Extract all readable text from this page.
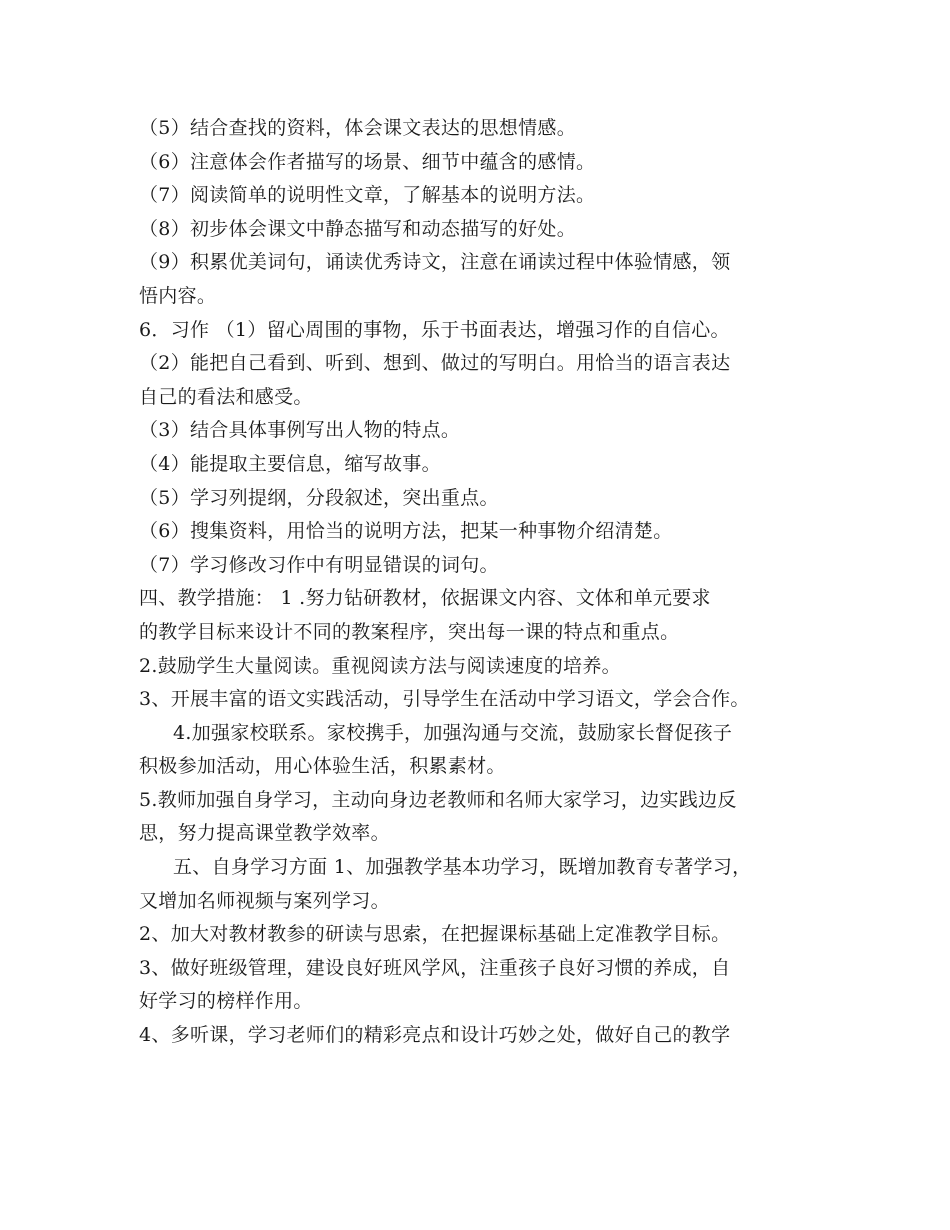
（5）结合查找的资料，体会课文表达的思想情感。
（6）注意体会作者描写的场景、细节中蕴含的感情。
（7）阅读简单的说明性文章，了解基本的说明方法。
（8）初步体会课文中静态描写和动态描写的好处。
（9）积累优美词句，诵读优秀诗文，注意在诵读过程中体验情感，领
悟内容。
6．习作 （1）留心周围的事物，乐于书面表达，增强习作的自信心。
（2）能把自己看到、听到、想到、做过的写明白。用恰当的语言表达
自己的看法和感受。
（3）结合具体事例写出人物的特点。
（4）能提取主要信息，缩写故事。
（5）学习列提纲，分段叙述，突出重点。
（6）搜集资料，用恰当的说明方法，把某一种事物介绍清楚。
（7）学习修改习作中有明显错误的词句。
四、教学措施： 1 .努力钻研教材，依据课文内容、文体和单元要求
的教学目标来设计不同的教案程序，突出每一课的特点和重点。
2.鼓励学生大量阅读。重视阅读方法与阅读速度的培养。
3、开展丰富的语文实践活动，引导学生在活动中学习语文，学会合作。
4.加强家校联系。家校携手，加强沟通与交流，鼓励家长督促孩子
积极参加活动，用心体验生活，积累素材。
5.教师加强自身学习，主动向身边老教师和名师大家学习，边实践边反
思，努力提高课堂教学效率。
五、自身学习方面 1、加强教学基本功学习，既增加教育专著学习，
又增加名师视频与案列学习。
2、加大对教材教参的研读与思索，在把握课标基础上定准教学目标。
3、做好班级管理，建设良好班风学风，注重孩子良好习惯的养成，自
好学习的榜样作用。
4、多听课，学习老师们的精彩亮点和设计巧妙之处，做好自己的教学
